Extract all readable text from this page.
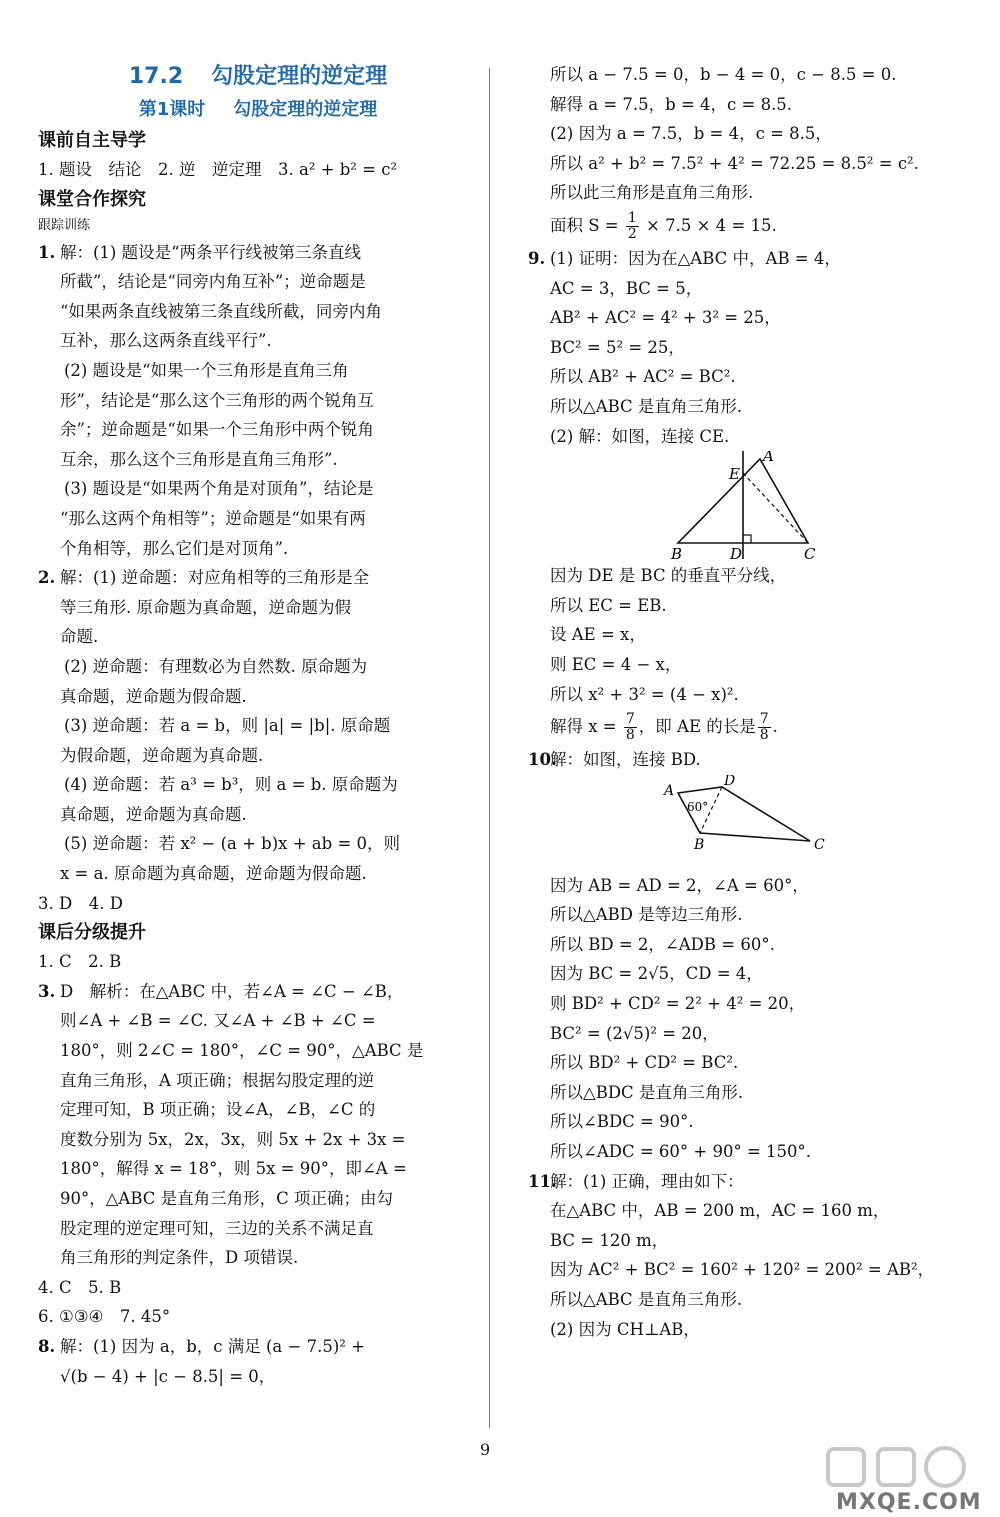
17.2 勾股定理的逆定理
第1课时 勾股定理的逆定理
课前自主导学
1. 题设　结论　2. 逆　逆定理　3. a² + b² = c²
课堂合作探究
跟踪训练
1. 解：(1) 题设是“两条平行线被第三条直线
所截”，结论是“同旁内角互补”；逆命题是
“如果两条直线被第三条直线所截，同旁内角
互补，那么这两条直线平行”.
(2) 题设是“如果一个三角形是直角三角
形”，结论是“那么这个三角形的两个锐角互
余”；逆命题是“如果一个三角形中两个锐角
互余，那么这个三角形是直角三角形”.
(3) 题设是“如果两个角是对顶角”，结论是
“那么这两个角相等”；逆命题是“如果有两
个角相等，那么它们是对顶角”.
2. 解：(1) 逆命题：对应角相等的三角形是全
等三角形. 原命题为真命题，逆命题为假
命题.
(2) 逆命题：有理数必为自然数. 原命题为
真命题，逆命题为假命题.
(3) 逆命题：若 a = b，则 |a| = |b|. 原命题
为假命题，逆命题为真命题.
(4) 逆命题：若 a³ = b³，则 a = b. 原命题为
真命题，逆命题为真命题.
(5) 逆命题：若 x² − (a + b)x + ab = 0，则
x = a. 原命题为真命题，逆命题为假命题.
3. D　4. D
课后分级提升
1. C　2. B
3. D　解析：在△ABC 中，若∠A = ∠C − ∠B，
则∠A + ∠B = ∠C. 又∠A + ∠B + ∠C =
180°，则 2∠C = 180°，∠C = 90°，△ABC 是
直角三角形，A 项正确；根据勾股定理的逆
定理可知，B 项正确；设∠A，∠B，∠C 的
度数分别为 5x，2x，3x，则 5x + 2x + 3x =
180°，解得 x = 18°，则 5x = 90°，即∠A =
90°，△ABC 是直角三角形，C 项正确；由勾
股定理的逆定理可知，三边的关系不满足直
角三角形的判定条件，D 项错误.
4. C　5. B
6. ①③④　7. 45°
8. 解：(1) 因为 a，b，c 满足 (a − 7.5)² +
√(b − 4) + |c − 8.5| = 0，
所以 a − 7.5 = 0，b − 4 = 0，c − 8.5 = 0.
解得 a = 7.5，b = 4，c = 8.5.
(2) 因为 a = 7.5，b = 4，c = 8.5，
所以 a² + b² = 7.5² + 4² = 72.25 = 8.5² = c².
所以此三角形是直角三角形.
面积 $S = \frac{1}{2} \times 7.5 \times 4 = 15$.
9. (1) 证明：因为在△ABC 中，AB = 4，
AC = 3，BC = 5，
AB² + AC² = 4² + 3² = 25，
BC² = 5² = 25，
所以 AB² + AC² = BC².
所以△ABC 是直角三角形.
(2) 解：如图，连接 CE.
A
E
B	D	C
因为 DE 是 BC 的垂直平分线，
所以 EC = EB.
设 AE = x，
则 EC = 4 − x，
所以 x² + 3² = (4 − x)².
解得 $x = \frac{7}{8}$ ，即 AE 的长是 $\frac{7}{8}$ .
10.
解：如图，连接 BD.
A
D
B	C
60°
因为 AB = AD = 2，∠A = 60°，
所以△ABD 是等边三角形.
所以 BD = 2，∠ADB = 60°.
因为 BC = 2√5，CD = 4，
则 BD² + CD² = 2² + 4² = 20，
BC² = (2√5)² = 20，
所以 BD² + CD² = BC².
所以△BDC 是直角三角形.
所以∠BDC = 90°.
所以∠ADC = 60° + 90° = 150°.
11.
解：(1) 正确，理由如下：
在△ABC 中，AB = 200 m，AC = 160 m，
BC = 120 m，
因为 AC² + BC² = 160² + 120² = 200² = AB²，
所以△ABC 是直角三角形.
(2) 因为 CH⊥AB，
9
MXQE.COM
